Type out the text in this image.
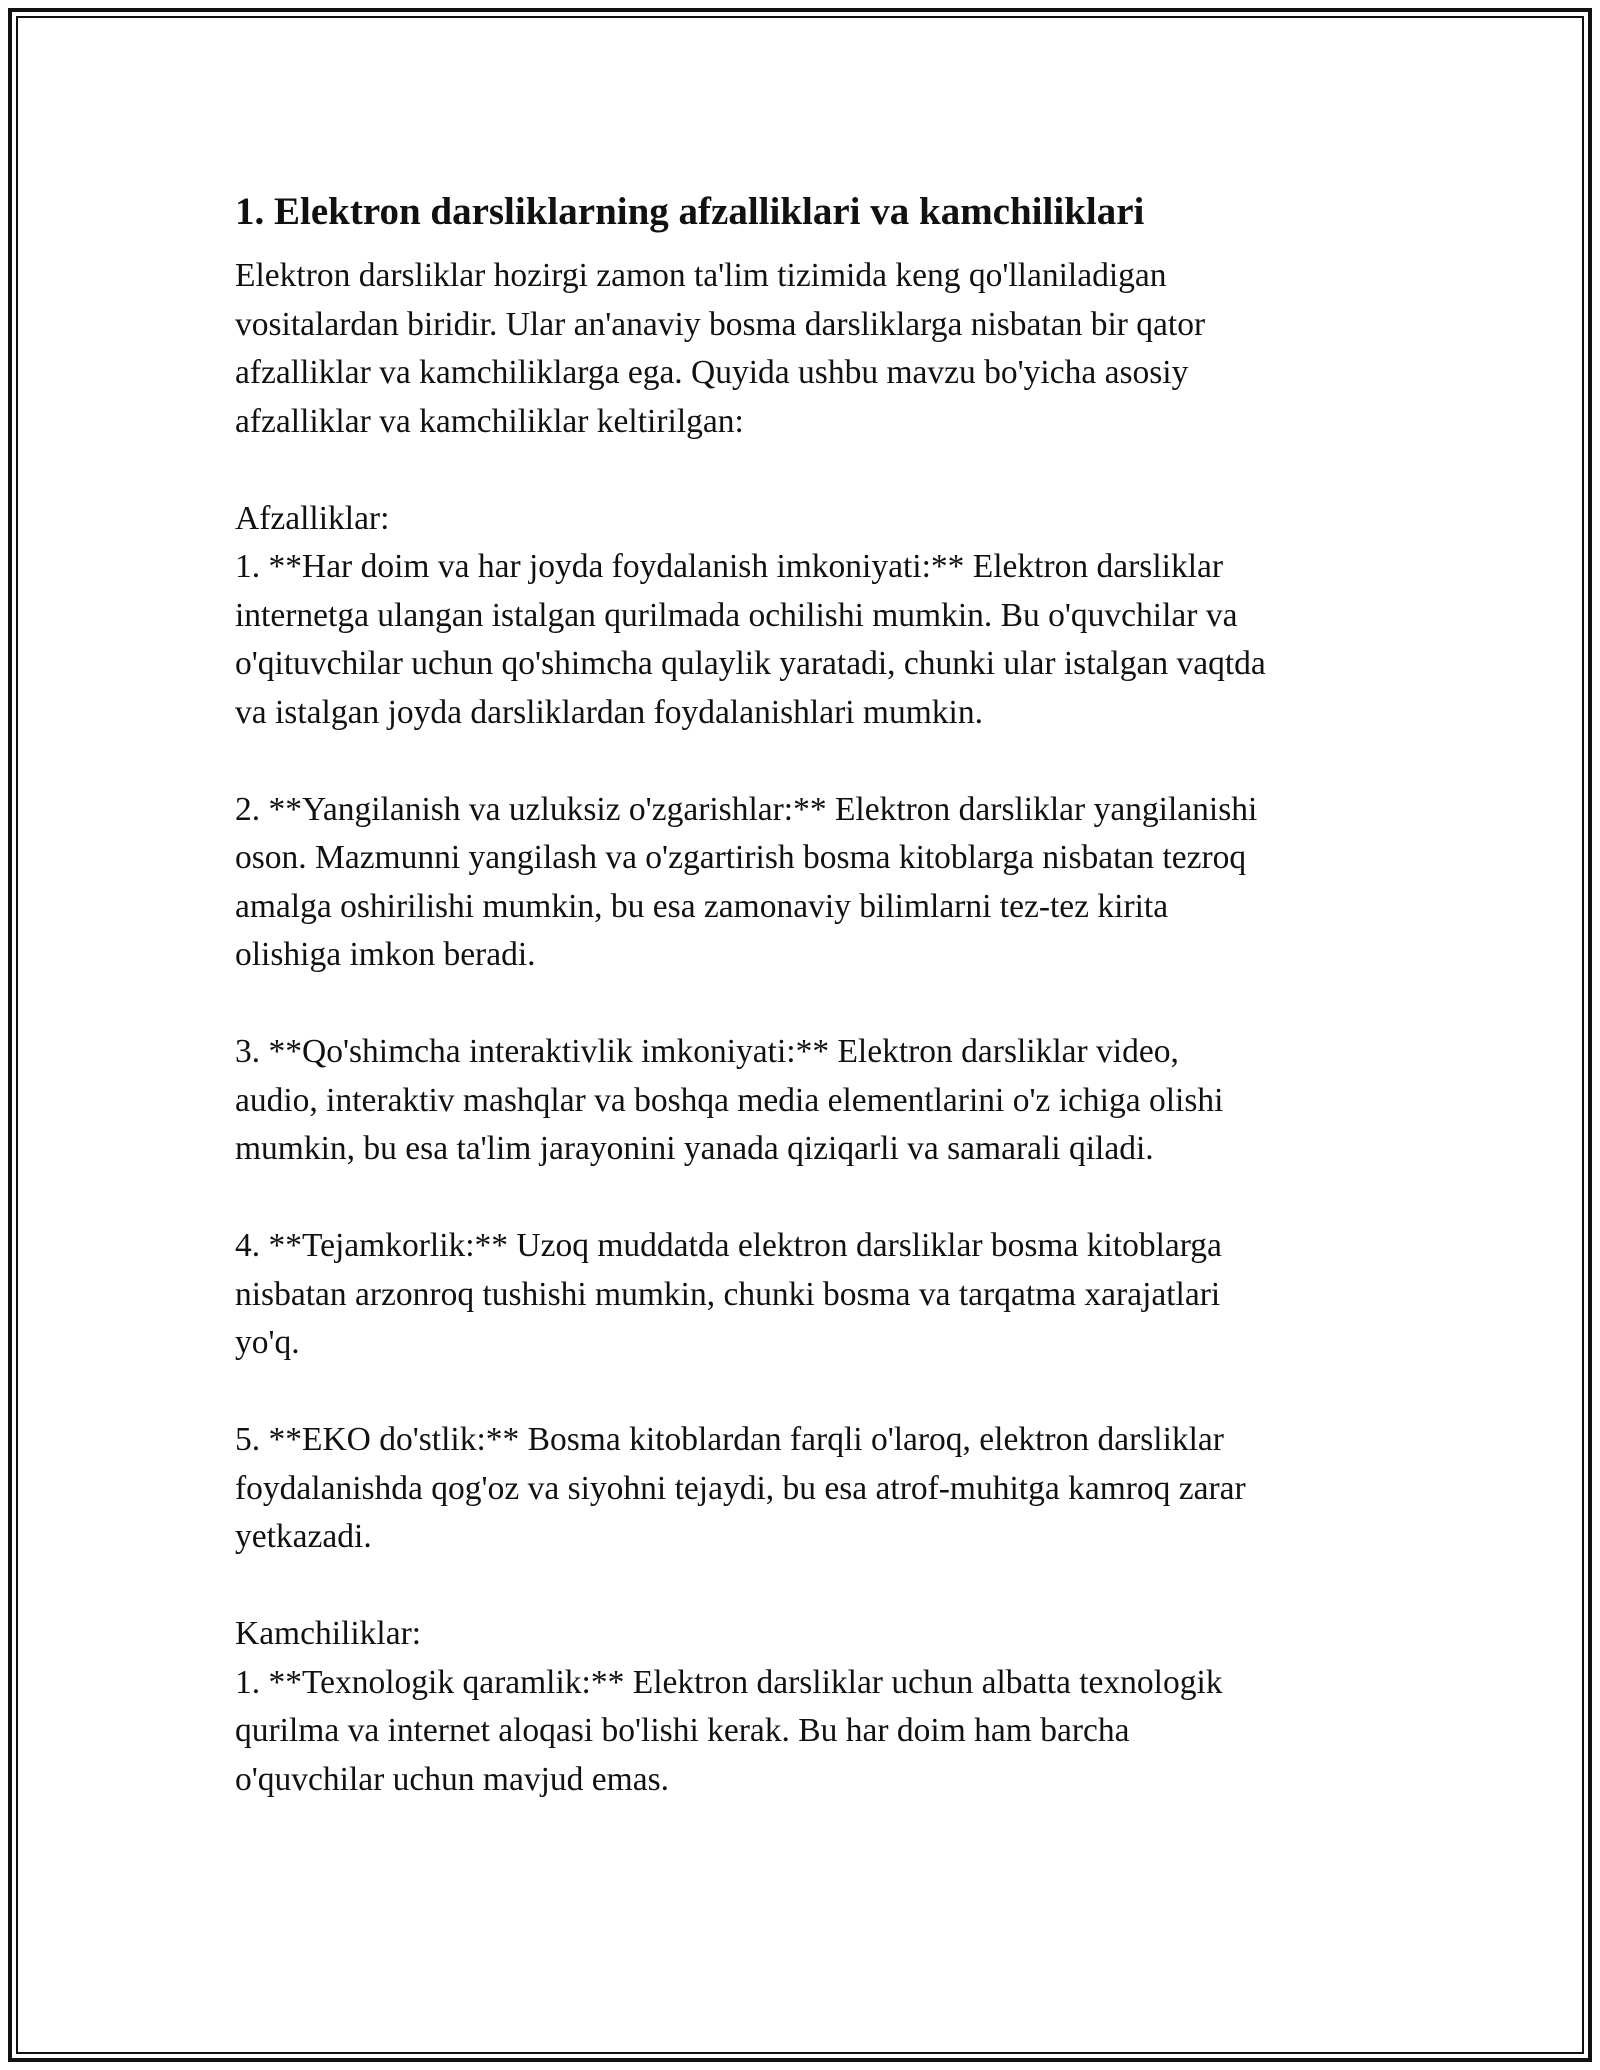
1. Elektron darsliklarning afzalliklari va kamchiliklari

Elektron darsliklar hozirgi zamon ta'lim tizimida keng qo'llaniladigan
vositalardan biridir. Ular an'anaviy bosma darsliklarga nisbatan bir qator
afzalliklar va kamchiliklarga ega. Quyida ushbu mavzu bo'yicha asosiy
afzalliklar va kamchiliklar keltirilgan:

Afzalliklar:
1. **Har doim va har joyda foydalanish imkoniyati:** Elektron darsliklar
internetga ulangan istalgan qurilmada ochilishi mumkin. Bu o'quvchilar va
o'qituvchilar uchun qo'shimcha qulaylik yaratadi, chunki ular istalgan vaqtda
va istalgan joyda darsliklardan foydalanishlari mumkin.

2. **Yangilanish va uzluksiz o'zgarishlar:** Elektron darsliklar yangilanishi
oson. Mazmunni yangilash va o'zgartirish bosma kitoblarga nisbatan tezroq
amalga oshirilishi mumkin, bu esa zamonaviy bilimlarni tez-tez kirita
olishiga imkon beradi.

3. **Qo'shimcha interaktivlik imkoniyati:** Elektron darsliklar video,
audio, interaktiv mashqlar va boshqa media elementlarini o'z ichiga olishi
mumkin, bu esa ta'lim jarayonini yanada qiziqarli va samarali qiladi.

4. **Tejamkorlik:** Uzoq muddatda elektron darsliklar bosma kitoblarga
nisbatan arzonroq tushishi mumkin, chunki bosma va tarqatma xarajatlari
yo'q.

5. **EKO do'stlik:** Bosma kitoblardan farqli o'laroq, elektron darsliklar
foydalanishda qog'oz va siyohni tejaydi, bu esa atrof-muhitga kamroq zarar
yetkazadi.

Kamchiliklar:
1. **Texnologik qaramlik:** Elektron darsliklar uchun albatta texnologik
qurilma va internet aloqasi bo'lishi kerak. Bu har doim ham barcha
o'quvchilar uchun mavjud emas.
